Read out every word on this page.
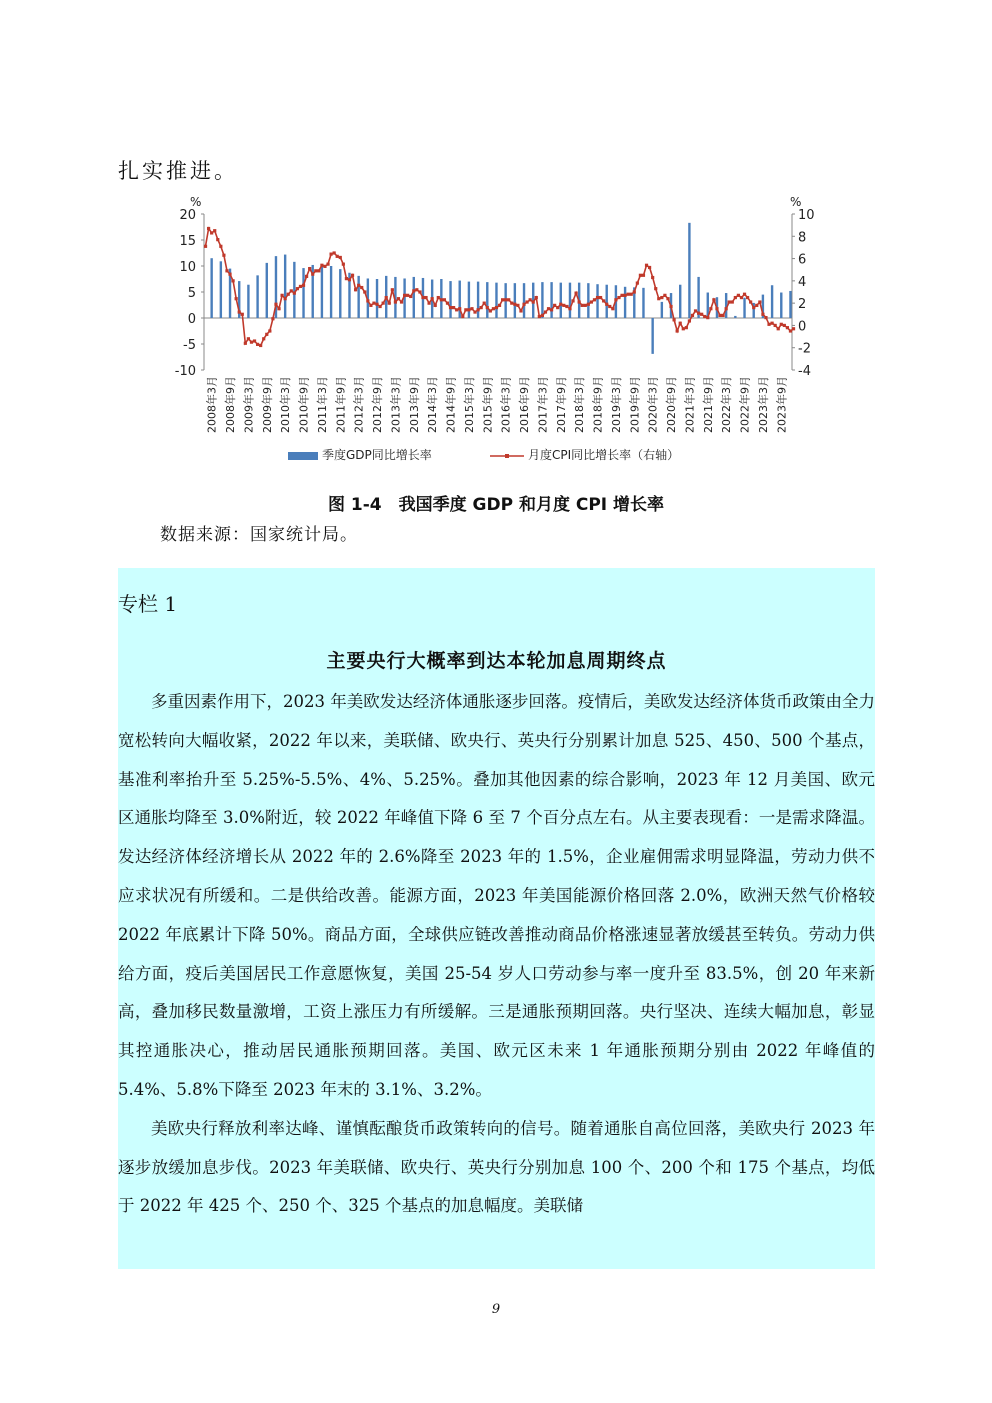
扎实推进。
20
15
10
5
0
-5
-10
10
8
6
4
2
0
-2
-4
%	%
2008年3月 2008年9月 2009年3月 2009年9月 2010年3月 2010年9月 2011年3月 2011年9月 2012年3月 2012年9月 2013年3月 2013年9月 2014年3月 2014年9月 2015年3月 2015年9月 2016年3月 2016年9月 2017年3月 2017年9月 2018年3月 2018年9月 2019年3月 2019年9月 2020年3月 2020年9月 2021年3月 2021年9月 2022年3月 2022年9月 2023年3月 2023年9月
季度GDP同比增长率	月度CPI同比增长率（右轴）
图 1-4　我国季度 GDP 和月度 CPI 增长率
数据来源：国家统计局。
专栏 1
主要央行大概率到达本轮加息周期终点

多重因素作用下，2023 年美欧发达经济体通胀逐步回落。疫情后，美欧发达经济体货币政策由全力宽松转向大幅收紧，2022 年以来，美联储、欧央行、英央行分别累计加息 525、450、500 个基点，基准利率抬升至 5.25%-5.5%、4%、5.25%。叠加其他因素的综合影响，2023 年 12 月美国、欧元区通胀均降至 3.0%附近，较 2022 年峰值下降 6 至 7 个百分点左右。从主要表现看：一是需求降温。发达经济体经济增长从 2022 年的 2.6%降至 2023 年的 1.5%，企业雇佣需求明显降温，劳动力供不应求状况有所缓和。二是供给改善。能源方面，2023 年美国能源价格回落 2.0%，欧洲天然气价格较 2022 年底累计下降 50%。商品方面，全球供应链改善推动商品价格涨速显著放缓甚至转负。劳动力供给方面，疫后美国居民工作意愿恢复，美国 25-54 岁人口劳动参与率一度升至 83.5%，创 20 年来新高，叠加移民数量激增，工资上涨压力有所缓解。三是通胀预期回落。央行坚决、连续大幅加息，彰显其控通胀决心，推动居民通胀预期回落。美国、欧元区未来 1 年通胀预期分别由 2022 年峰值的 5.4%、5.8%下降至 2023 年末的 3.1%、3.2%。

美欧央行释放利率达峰、谨慎酝酿货币政策转向的信号。随着通胀自高位回落，美欧央行 2023 年逐步放缓加息步伐。2023 年美联储、欧央行、英央行分别加息 100 个、200 个和 175 个基点，均低于 2022 年 425 个、250 个、325 个基点的加息幅度。美联储

9
